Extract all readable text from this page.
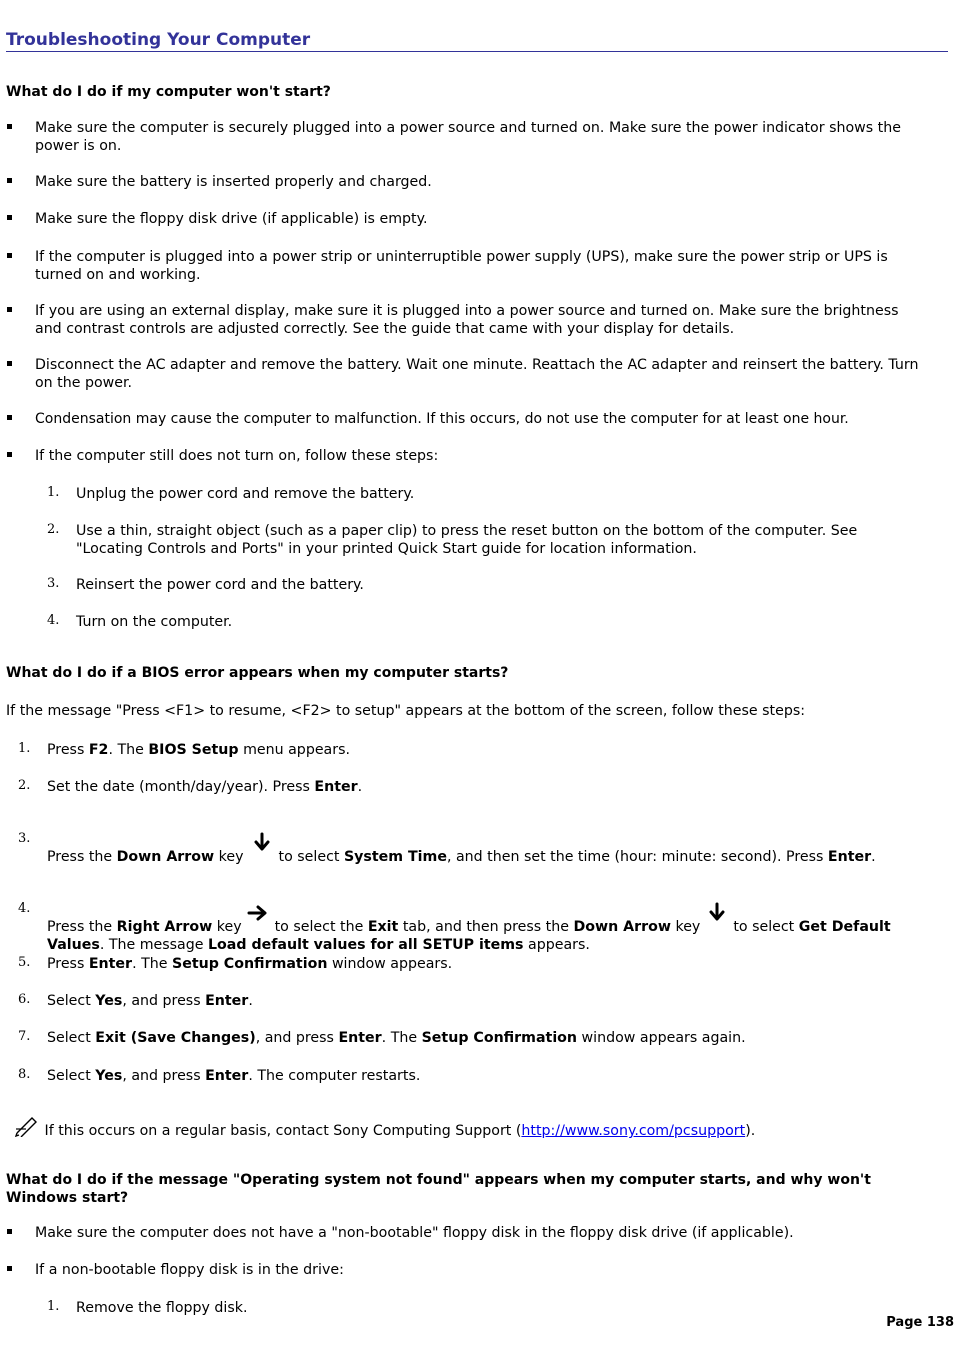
Troubleshooting Your Computer
What do I do if my computer won't start?
Make sure the computer is securely plugged into a power source and turned on. Make sure the power indicator shows the power is on.
Make sure the battery is inserted properly and charged.
Make sure the floppy disk drive (if applicable) is empty.
If the computer is plugged into a power strip or uninterruptible power supply (UPS), make sure the power strip or UPS is turned on and working.
If you are using an external display, make sure it is plugged into a power source and turned on. Make sure the brightness and contrast controls are adjusted correctly. See the guide that came with your display for details.
Disconnect the AC adapter and remove the battery. Wait one minute. Reattach the AC adapter and reinsert the battery. Turn on the power.
Condensation may cause the computer to malfunction. If this occurs, do not use the computer for at least one hour.
If the computer still does not turn on, follow these steps:
1. Unplug the power cord and remove the battery.
2. Use a thin, straight object (such as a paper clip) to press the reset button on the bottom of the computer. See "Locating Controls and Ports" in your printed Quick Start guide for location information.
3. Reinsert the power cord and the battery.
4. Turn on the computer.
What do I do if a BIOS error appears when my computer starts?
If the message "Press <F1> to resume, <F2> to setup" appears at the bottom of the screen, follow these steps:
1. Press F2. The BIOS Setup menu appears.
2. Set the date (month/day/year). Press Enter.
3.
Press the Down Arrow key  to select System Time, and then set the time (hour: minute: second). Press Enter.
4.
Press the Right Arrow key  to select the Exit tab, and then press the Down Arrow key  to select Get Default Values. The message Load default values for all SETUP items appears.
5. Press Enter. The Setup Confirmation window appears.
6. Select Yes, and press Enter.
7. Select Exit (Save Changes), and press Enter. The Setup Confirmation window appears again.
8. Select Yes, and press Enter. The computer restarts.
If this occurs on a regular basis, contact Sony Computing Support (http://www.sony.com/pcsupport).
What do I do if the message "Operating system not found" appears when my computer starts, and why won't Windows start?
Make sure the computer does not have a "non-bootable" floppy disk in the floppy disk drive (if applicable).
If a non-bootable floppy disk is in the drive:
1. Remove the floppy disk.
Page 138
